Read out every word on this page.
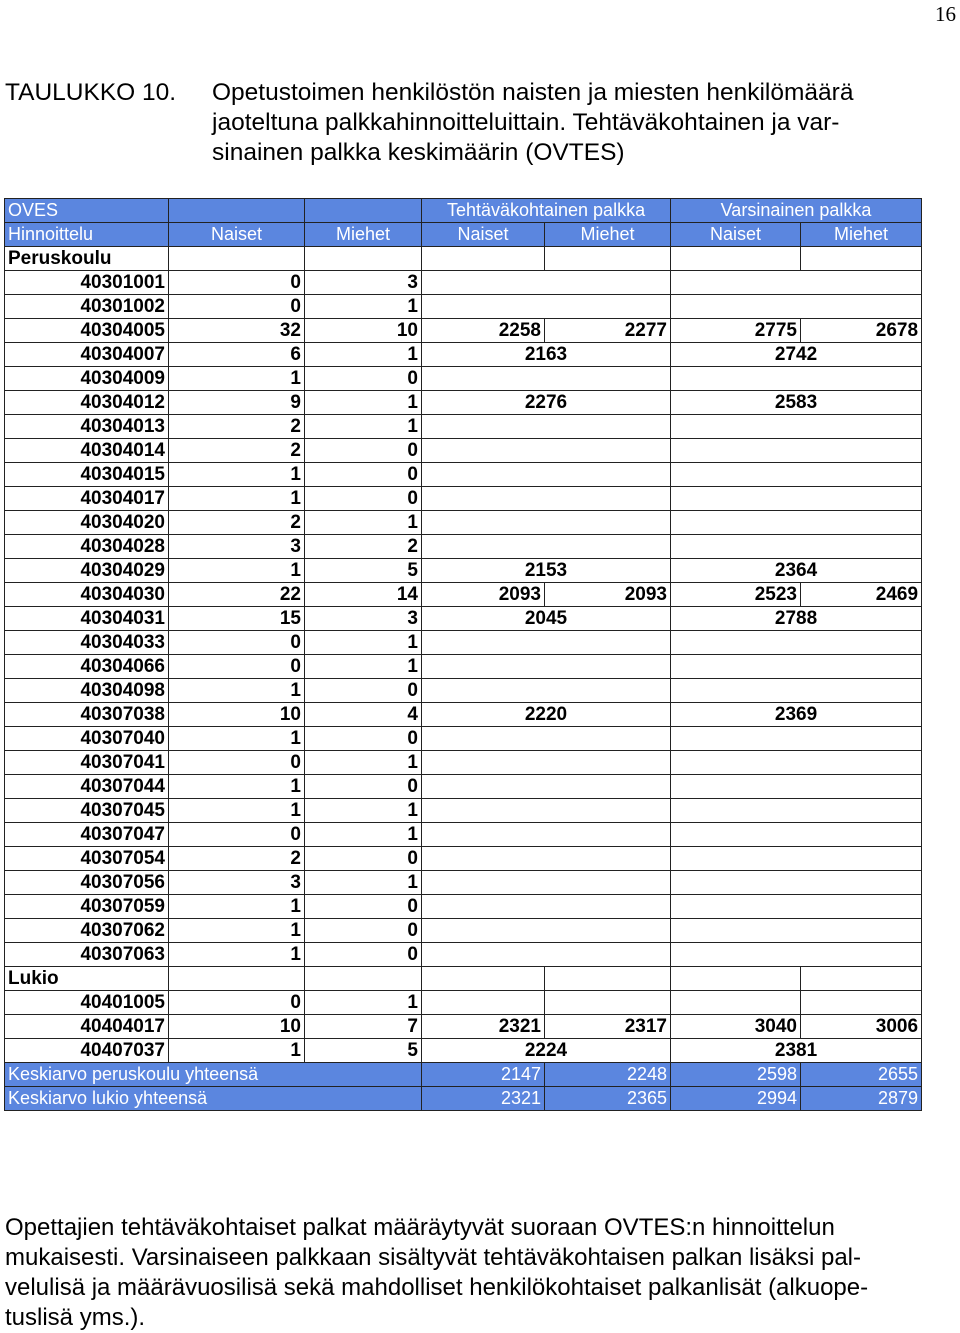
16
TAULUKKO 10. Opetustoimen henkilöstön naisten ja miesten henkilömäärä
jaoteltuna palkkahinnoitteluittain. Tehtäväkohtainen ja var-
sinainen palkka keskimäärin (OVTES)
OVES			Tehtäväkohtainen palkka		Varsinainen palkka	
Hinnoittelu	Naiset	Miehet	Naiset	Miehet	Naiset	Miehet
Peruskoulu						
40301001	0	3				
40301002	0	1				
40304005	32	10	2258	2277	2775	2678
40304007	6	1	2163		2742	
40304009	1	0				
40304012	9	1	2276		2583	
40304013	2	1				
40304014	2	0				
40304015	1	0				
40304017	1	0				
40304020	2	1				
40304028	3	2				
40304029	1	5	2153		2364	
40304030	22	14	2093	2093	2523	2469
40304031	15	3	2045		2788	
40304033	0	1				
40304066	0	1				
40304098	1	0				
40307038	10	4	2220		2369	
40307040	1	0				
40307041	0	1				
40307044	1	0				
40307045	1	1				
40307047	0	1				
40307054	2	0				
40307056	3	1				
40307059	1	0				
40307062	1	0				
40307063	1	0				
Lukio						
40401005	0	1				
40404017	10	7	2321	2317	3040	3006
40407037	1	5	2224		2381	
Keskiarvo peruskoulu yhteensä			2147	2248	2598	2655
Keskiarvo lukio yhteensä			2321	2365	2994	2879
Opettajien tehtäväkohtaiset palkat määräytyvät suoraan OVTES:n hinnoittelun
mukaisesti. Varsinaiseen palkkaan sisältyvät tehtäväkohtaisen palkan lisäksi pal-
velulisä ja määrävuosilisä sekä mahdolliset henkilökohtaiset palkanlisät (alkuope-
tuslisä yms.).
